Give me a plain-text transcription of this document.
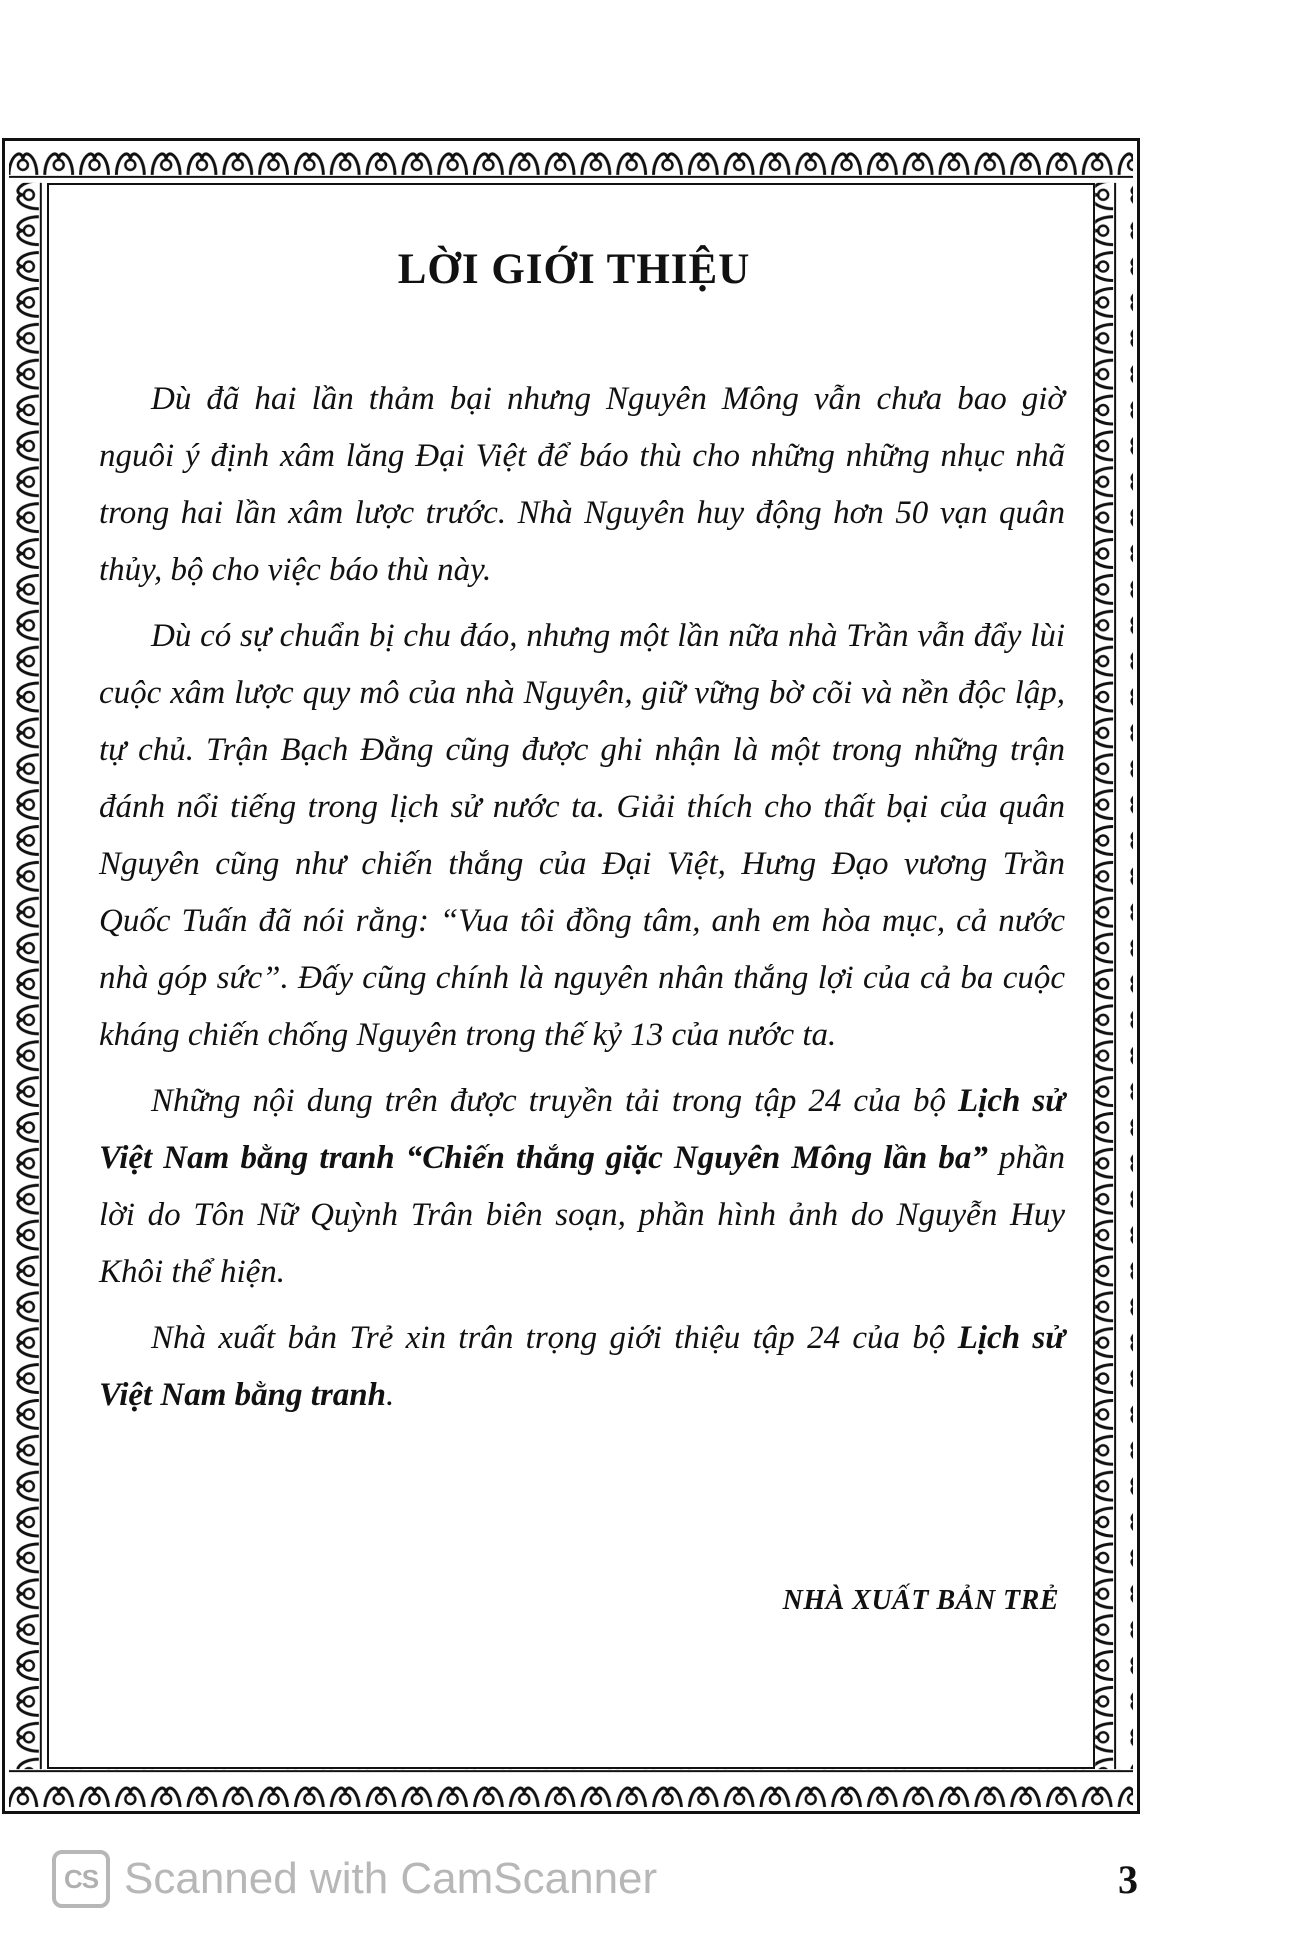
LỜI GIỚI THIỆU

Dù đã hai lần thảm bại nhưng Nguyên Mông vẫn chưa bao giờ nguôi ý định xâm lăng Đại Việt để báo thù cho những những nhục nhã trong hai lần xâm lược trước. Nhà Nguyên huy động hơn 50 vạn quân thủy, bộ cho việc báo thù này.

Dù có sự chuẩn bị chu đáo, nhưng một lần nữa nhà Trần vẫn đẩy lùi cuộc xâm lược quy mô của nhà Nguyên, giữ vững bờ cõi và nền độc lập, tự chủ. Trận Bạch Đằng cũng được ghi nhận là một trong những trận đánh nổi tiếng trong lịch sử nước ta. Giải thích cho thất bại của quân Nguyên cũng như chiến thắng của Đại Việt, Hưng Đạo vương Trần Quốc Tuấn đã nói rằng: “Vua tôi đồng tâm, anh em hòa mục, cả nước nhà góp sức”. Đấy cũng chính là nguyên nhân thắng lợi của cả ba cuộc kháng chiến chống Nguyên trong thế kỷ 13 của nước ta.

Những nội dung trên được truyền tải trong tập 24 của bộ Lịch sử Việt Nam bằng tranh “Chiến thắng giặc Nguyên Mông lần ba” phần lời do Tôn Nữ Quỳnh Trân biên soạn, phần hình ảnh do Nguyễn Huy Khôi thể hiện.

Nhà xuất bản Trẻ xin trân trọng giới thiệu tập 24 của bộ Lịch sử Việt Nam bằng tranh.

NHÀ XUẤT BẢN TRẺ
CS Scanned with CamScanner	3
